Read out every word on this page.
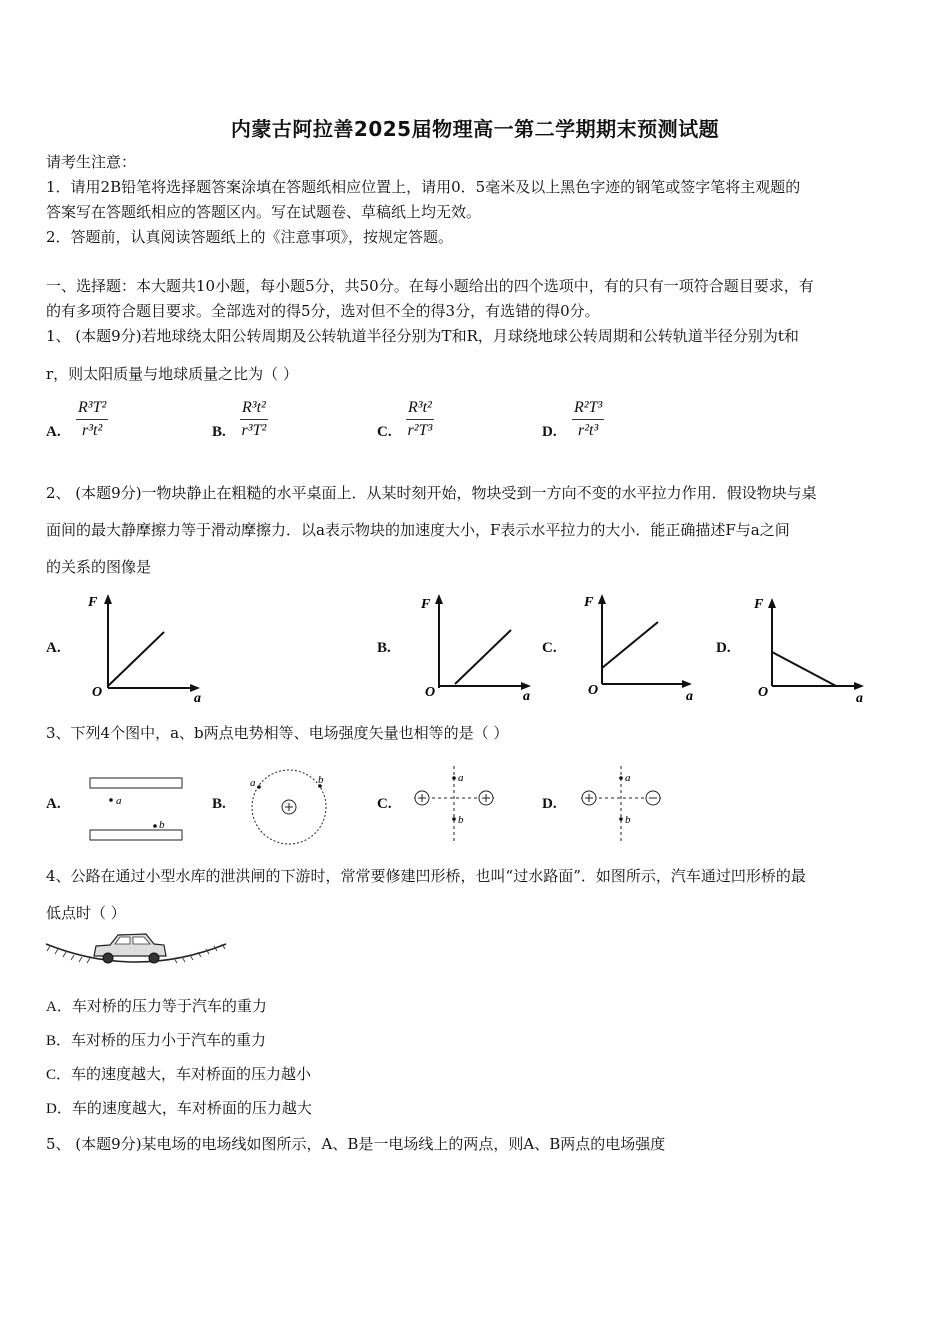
内蒙古阿拉善2025届物理高一第二学期期末预测试题
请考生注意：
1．请用2B铅笔将选择题答案涂填在答题纸相应位置上，请用0．5毫米及以上黑色字迹的钢笔或签字笔将主观题的
答案写在答题纸相应的答题区内。写在试题卷、草稿纸上均无效。
2．答题前，认真阅读答题纸上的《注意事项》，按规定答题。
一、选择题：本大题共10小题，每小题5分，共50分。在每小题给出的四个选项中，有的只有一项符合题目要求，有
的有多项符合题目要求。全部选对的得5分，选对但不全的得3分，有选错的得0分。
1、 (本题9分)若地球绕太阳公转周期及公转轨道半径分别为T和R，月球绕地球公转周期和公转轨道半径分别为t和
r，则太阳质量与地球质量之比为（ ）
A. $\frac{\text{R³T²}}{\text{r³t²}}$	B. $\frac{\text{R³t²}}{\text{r³T²}}$	C. $\frac{\text{R³t²}}{\text{r²T³}}$	D. $\frac{\text{R²T³}}{\text{r²t³}}$
2、 (本题9分)一物块静止在粗糙的水平桌面上．从某时刻开始，物块受到一方向不变的水平拉力作用．假设物块与桌
面间的最大静摩擦力等于滑动摩擦力．以a表示物块的加速度大小，F表示水平拉力的大小．能正确描述F与a之间
的关系的图像是
A.	B.	C.	D.
F
O	a
F
O	a
F
O	a
F
O	a
3、下列4个图中，a、b两点电势相等、电场强度矢量也相等的是（ ）
A.	B.	C.	D.
a
b
a	b	a
b
a
b
4、公路在通过小型水库的泄洪闸的下游时，常常要修建凹形桥，也叫“过水路面”．如图所示，汽车通过凹形桥的最
低点时（ ）
A．车对桥的压力等于汽车的重力
B．车对桥的压力小于汽车的重力
C．车的速度越大，车对桥面的压力越小
D．车的速度越大，车对桥面的压力越大
5、 (本题9分)某电场的电场线如图所示，A、B是一电场线上的两点，则A、B两点的电场强度
